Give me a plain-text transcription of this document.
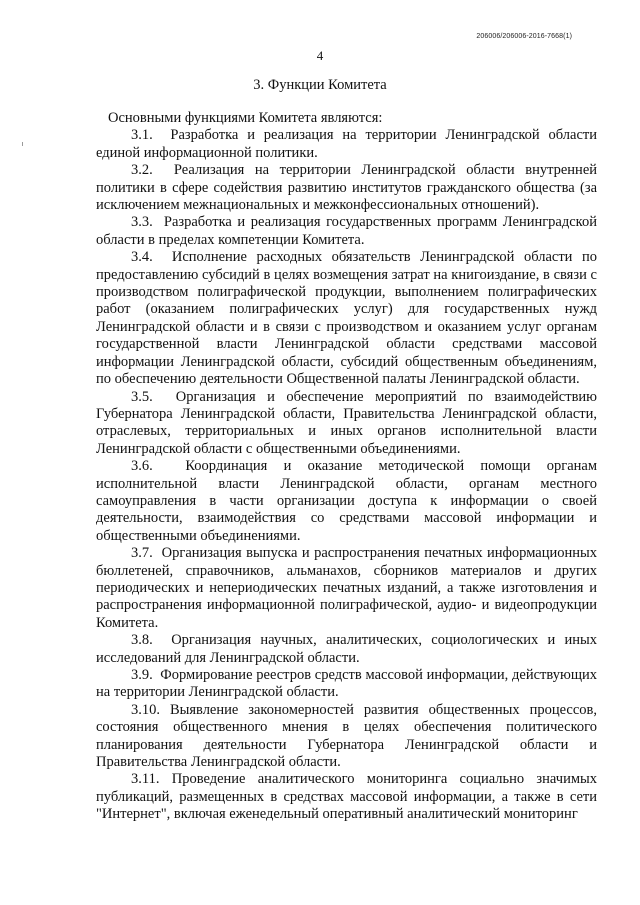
206006/206006-2016-7668(1)
4
3. Функции Комитета

Основными функциями Комитета являются:

3.1. Разработка и реализация на территории Ленинградской области единой информационной политики.

3.2. Реализация на территории Ленинградской области внутренней политики в сфере содействия развитию институтов гражданского общества (за исключением межнациональных и межконфессиональных отношений).

3.3. Разработка и реализация государственных программ Ленинградской области в пределах компетенции Комитета.

3.4. Исполнение расходных обязательств Ленинградской области по предоставлению субсидий в целях возмещения затрат на книгоиздание, в связи с производством полиграфической продукции, выполнением полиграфических работ (оказанием полиграфических услуг) для государственных нужд Ленинградской области и в связи с производством и оказанием услуг органам государственной власти Ленинградской области средствами массовой информации Ленинградской области, субсидий общественным объединениям, по обеспечению деятельности Общественной палаты Ленинградской области.

3.5. Организация и обеспечение мероприятий по взаимодействию Губернатора Ленинградской области, Правительства Ленинградской области, отраслевых, территориальных и иных органов исполнительной власти Ленинградской области с общественными объединениями.

3.6. Координация и оказание методической помощи органам исполнительной власти Ленинградской области, органам местного самоуправления в части организации доступа к информации о своей деятельности, взаимодействия со средствами массовой информации и общественными объединениями.

3.7. Организация выпуска и распространения печатных информационных бюллетеней, справочников, альманахов, сборников материалов и других периодических и непериодических печатных изданий, а также изготовления и распространения информационной полиграфической, аудио- и видеопродукции Комитета.

3.8. Организация научных, аналитических, социологических и иных исследований для Ленинградской области.

3.9. Формирование реестров средств массовой информации, действующих на территории Ленинградской области.

3.10. Выявление закономерностей развития общественных процессов, состояния общественного мнения в целях обеспечения политического планирования деятельности Губернатора Ленинградской области и Правительства Ленинградской области.

3.11. Проведение аналитического мониторинга социально значимых публикаций, размещенных в средствах массовой информации, а также в сети "Интернет", включая еженедельный оперативный аналитический мониторинг
